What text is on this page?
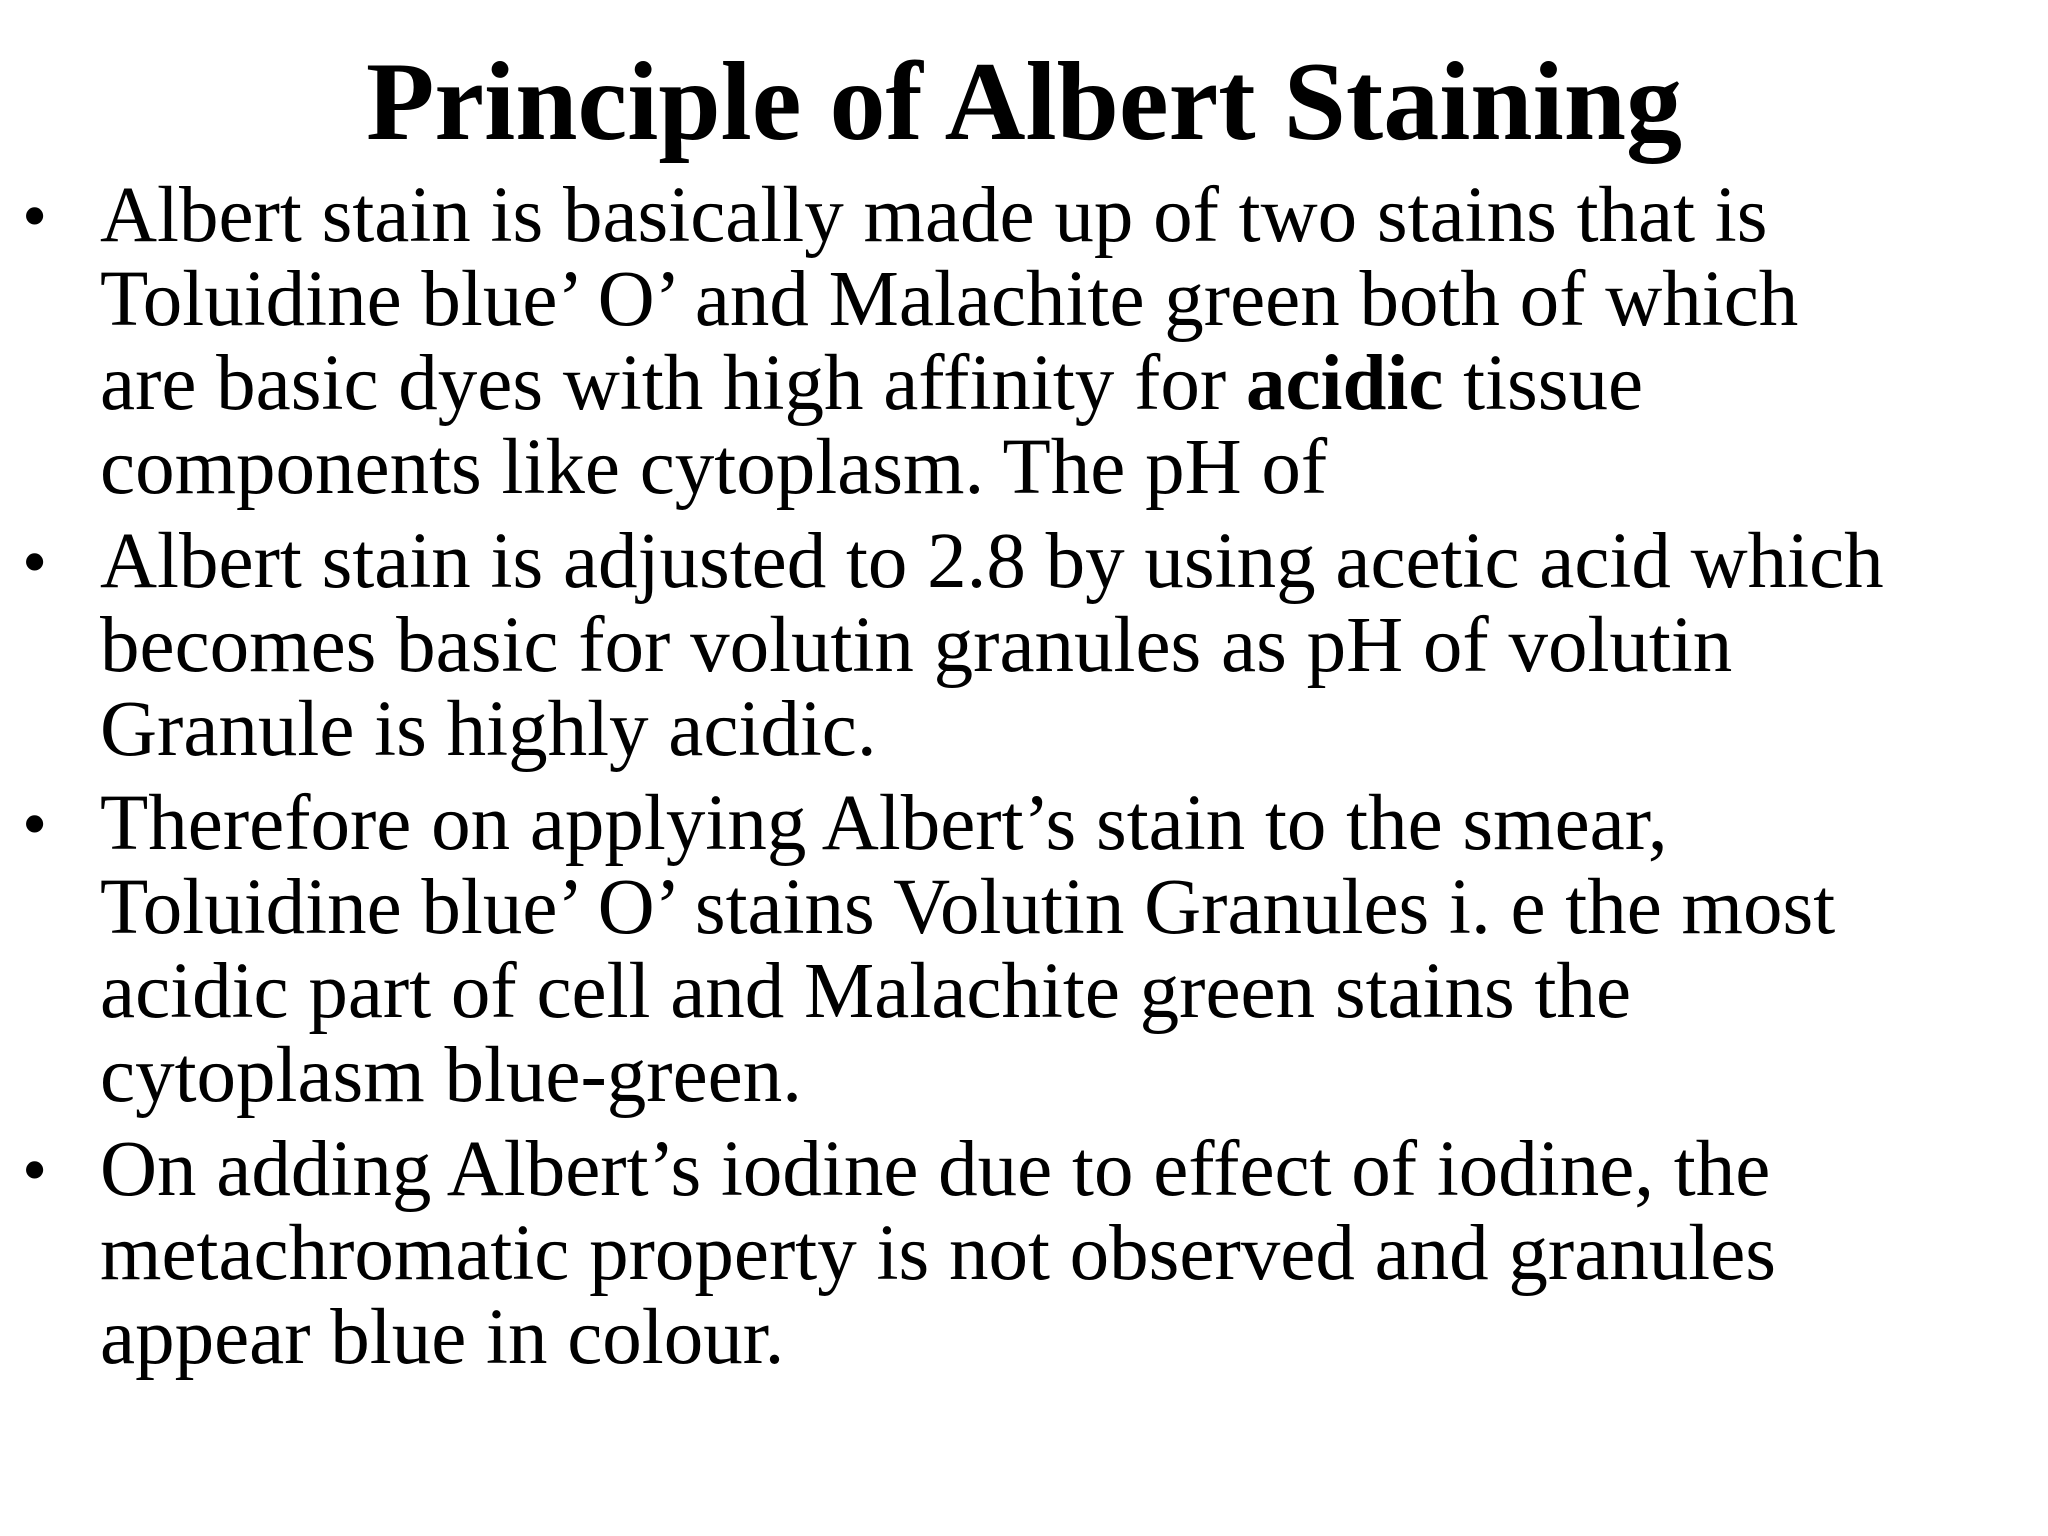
Principle of Albert Staining
• Albert stain is basically made up of two stains that is
Toluidine blue’ O’ and Malachite green both of which
are basic dyes with high affinity for acidic tissue
components like cytoplasm. The pH of
• Albert stain is adjusted to 2.8 by using acetic acid which
becomes basic for volutin granules as pH of volutin
Granule is highly acidic.
• Therefore on applying Albert’s stain to the smear,
Toluidine blue’ O’ stains Volutin Granules i. e the most
acidic part of cell and Malachite green stains the
cytoplasm blue-green.
• On adding Albert’s iodine due to effect of iodine, the
metachromatic property is not observed and granules
appear blue in colour.
